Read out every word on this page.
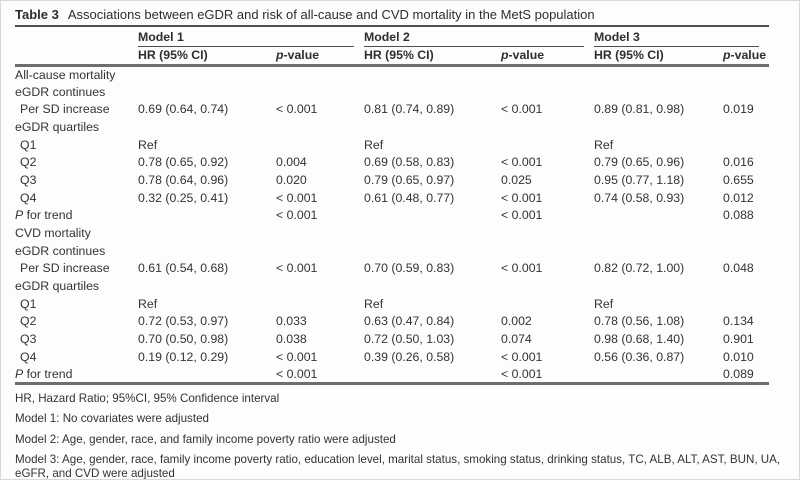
Table 3 Associations between eGDR and risk of all-cause and CVD mortality in the MetS population

	Model 1		Model 2		Model 3	

	HR (95% CI)	p-value	HR (95% CI)	p-value	HR (95% CI)	p-value
All-cause mortality						
eGDR continues						
Per SD increase	0.69 (0.64, 0.74)	< 0.001	0.81 (0.74, 0.89)	< 0.001	0.89 (0.81, 0.98)	0.019
eGDR quartiles						
Q1	Ref		Ref		Ref	
Q2	0.78 (0.65, 0.92)	0.004	0.69 (0.58, 0.83)	< 0.001	0.79 (0.65, 0.96)	0.016
Q3	0.78 (0.64, 0.96)	0.020	0.79 (0.65, 0.97)	0.025	0.95 (0.77, 1.18)	0.655
Q4	0.32 (0.25, 0.41)	< 0.001	0.61 (0.48, 0.77)	< 0.001	0.74 (0.58, 0.93)	0.012
P for trend		< 0.001		< 0.001		0.088
CVD mortality						
eGDR continues						
Per SD increase	0.61 (0.54, 0.68)	< 0.001	0.70 (0.59, 0.83)	< 0.001	0.82 (0.72, 1.00)	0.048
eGDR quartiles						
Q1	Ref		Ref		Ref	
Q2	0.72 (0.53, 0.97)	0.033	0.63 (0.47, 0.84)	0.002	0.78 (0.56, 1.08)	0.134
Q3	0.70 (0.50, 0.98)	0.038	0.72 (0.50, 1.03)	0.074	0.98 (0.68, 1.40)	0.901
Q4	0.19 (0.12, 0.29)	< 0.001	0.39 (0.26, 0.58)	< 0.001	0.56 (0.36, 0.87)	0.010
P for trend		< 0.001		< 0.001		0.089
HR, Hazard Ratio; 95%CI, 95% Confidence interval
Model 1: No covariates were adjusted
Model 2: Age, gender, race, and family income poverty ratio were adjusted
Model 3: Age, gender, race, family income poverty ratio, education level, marital status, smoking status, drinking status, TC, ALB, ALT, AST, BUN, UA, eGFR, and CVD were adjusted
